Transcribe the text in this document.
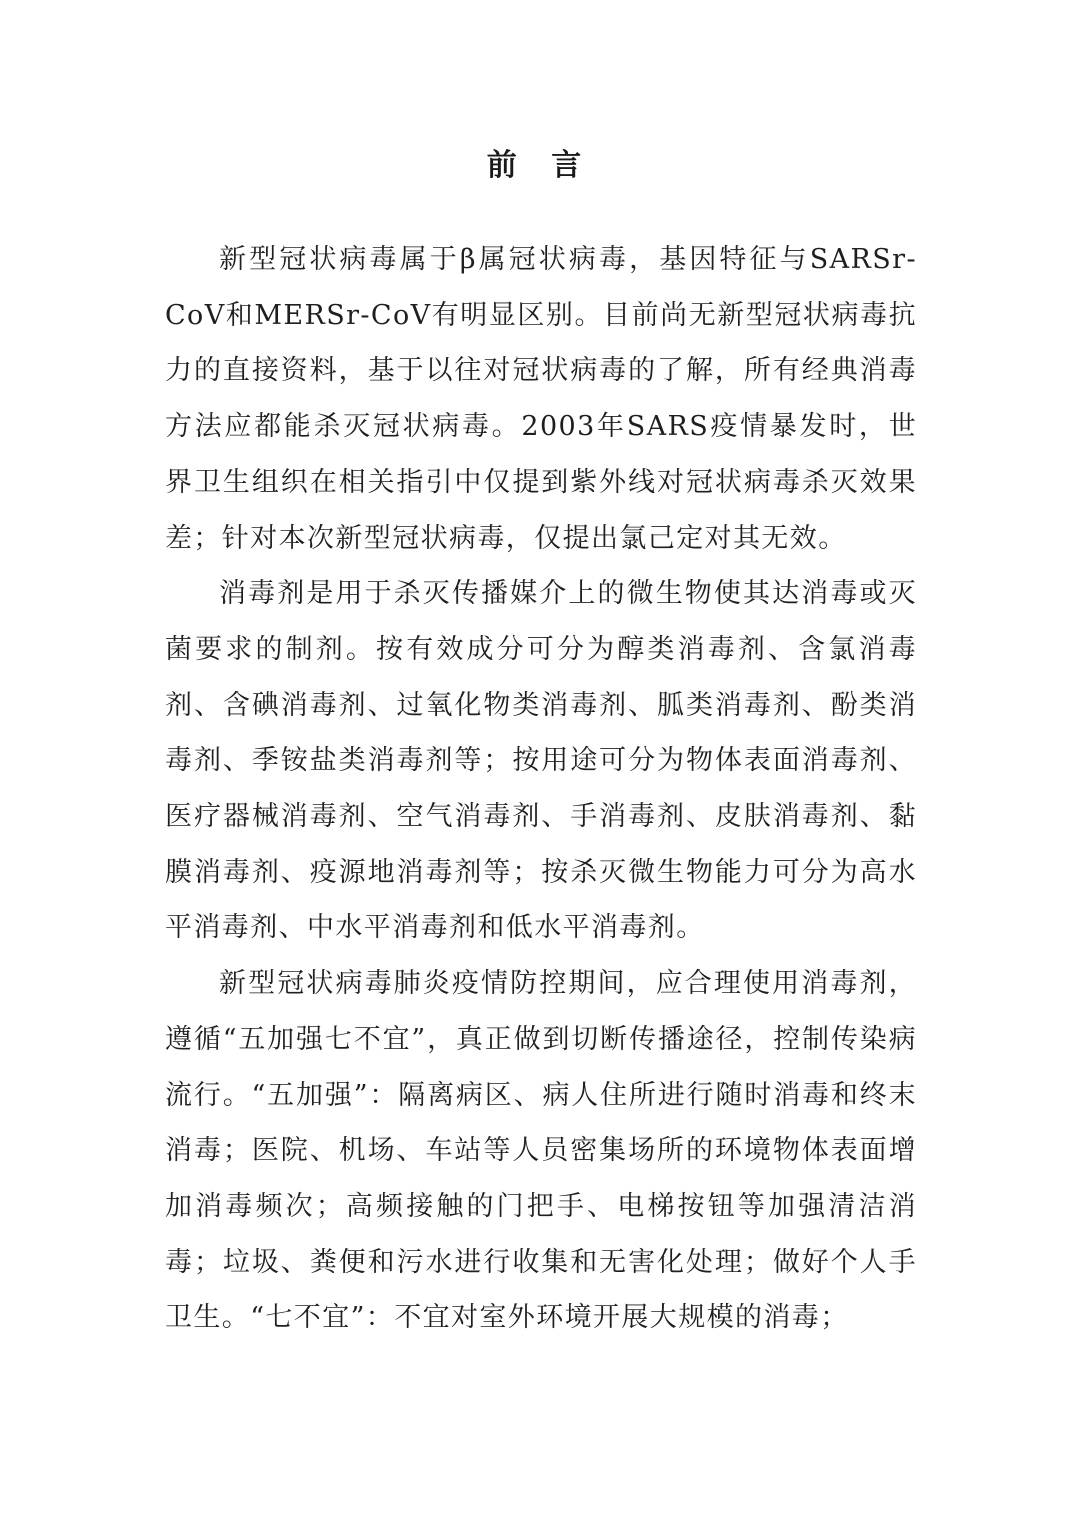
前 言

新型冠状病毒属于β属冠状病毒，基因特征与SARSr-CoV和MERSr-CoV有明显区别。目前尚无新型冠状病毒抗力的直接资料，基于以往对冠状病毒的了解，所有经典消毒方法应都能杀灭冠状病毒。2003年SARS疫情暴发时，世界卫生组织在相关指引中仅提到紫外线对冠状病毒杀灭效果差；针对本次新型冠状病毒，仅提出氯己定对其无效。

消毒剂是用于杀灭传播媒介上的微生物使其达消毒或灭菌要求的制剂。按有效成分可分为醇类消毒剂、含氯消毒剂、含碘消毒剂、过氧化物类消毒剂、胍类消毒剂、酚类消毒剂、季铵盐类消毒剂等；按用途可分为物体表面消毒剂、医疗器械消毒剂、空气消毒剂、手消毒剂、皮肤消毒剂、黏膜消毒剂、疫源地消毒剂等；按杀灭微生物能力可分为高水平消毒剂、中水平消毒剂和低水平消毒剂。

新型冠状病毒肺炎疫情防控期间，应合理使用消毒剂，遵循“五加强七不宜”，真正做到切断传播途径，控制传染病流行。“五加强”：隔离病区、病人住所进行随时消毒和终末消毒；医院、机场、车站等人员密集场所的环境物体表面增加消毒频次；高频接触的门把手、电梯按钮等加强清洁消毒；垃圾、粪便和污水进行收集和无害化处理；做好个人手卫生。“七不宜”：不宜对室外环境开展大规模的消毒；
